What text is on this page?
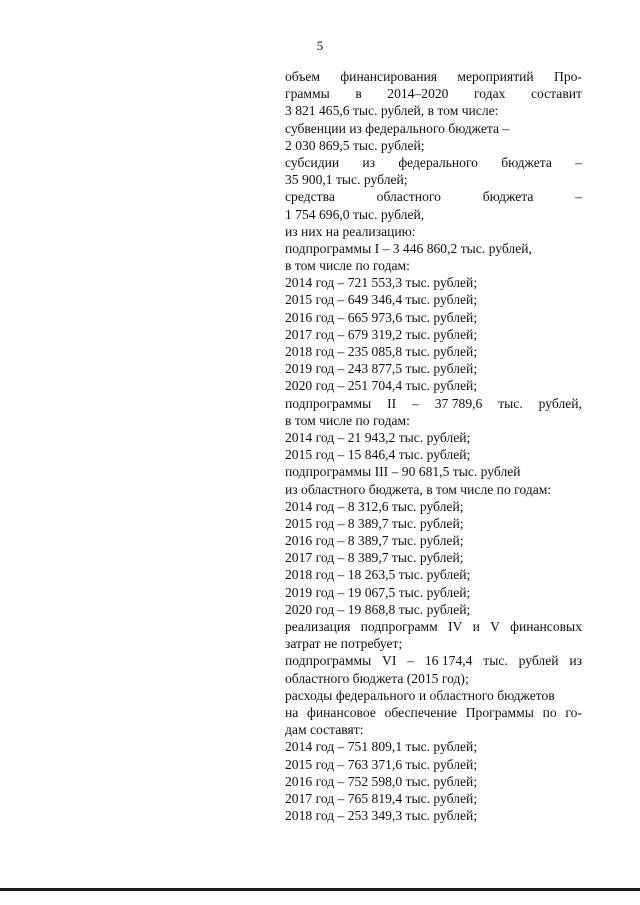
5
объем финансирования мероприятий Про-
граммы в 2014–2020 годах составит
3 821 465,6 тыс. рублей, в том числе:
субвенции из федерального бюджета –
2 030 869,5 тыс. рублей;
субсидии из федерального бюджета –
35 900,1 тыс. рублей;
средства	областного	бюджета	–
1 754 696,0 тыс. рублей,
из них на реализацию:
подпрограммы I – 3 446 860,2 тыс. рублей,
в том числе по годам:
2014 год – 721 553,3 тыс. рублей;
2015 год – 649 346,4 тыс. рублей;
2016 год – 665 973,6 тыс. рублей;
2017 год – 679 319,2 тыс. рублей;
2018 год – 235 085,8 тыс. рублей;
2019 год – 243 877,5 тыс. рублей;
2020 год – 251 704,4 тыс. рублей;
подпрограммы II – 37 789,6 тыс. рублей,
в том числе по годам:
2014 год – 21 943,2 тыс. рублей;
2015 год – 15 846,4 тыс. рублей;
подпрограммы III – 90 681,5 тыс. рублей
из областного бюджета, в том числе по годам:
2014 год – 8 312,6 тыс. рублей;
2015 год – 8 389,7 тыс. рублей;
2016 год – 8 389,7 тыс. рублей;
2017 год – 8 389,7 тыс. рублей;
2018 год – 18 263,5 тыс. рублей;
2019 год – 19 067,5 тыс. рублей;
2020 год – 19 868,8 тыс. рублей;
реализация подпрограмм IV и V финансовых
затрат не потребует;
подпрограммы VI – 16 174,4 тыс. рублей из
областного бюджета (2015 год);
расходы федерального и областного бюджетов
на финансовое обеспечение Программы по го-
дам составят:
2014 год – 751 809,1 тыс. рублей;
2015 год – 763 371,6 тыс. рублей;
2016 год – 752 598,0 тыс. рублей;
2017 год – 765 819,4 тыс. рублей;
2018 год – 253 349,3 тыс. рублей;
